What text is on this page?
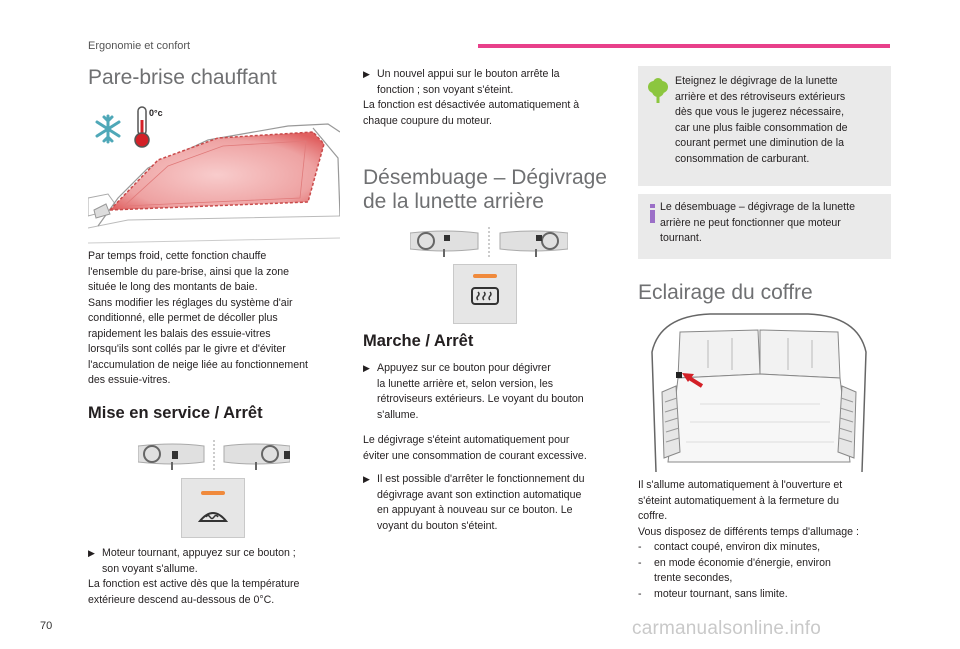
Ergonomie et confort
Pare-brise chauffant
0°c

Par temps froid, cette fonction chauffe

l'ensemble du pare-brise, ainsi que la zone

située le long des montants de baie.

Sans modifier les réglages du système d'air

conditionné, elle permet de décoller plus

rapidement les balais des essuie-vitres

lorsqu'ils sont collés par le givre et d'éviter

l'accumulation de neige liée au fonctionnement

des essuie-vitres.

Mise en service / Arrêt
▶ Moteur tournant, appuyez sur ce bouton ;

son voyant s'allume.

La fonction est active dès que la température

extérieure descend au-dessous de 0°C.

▶ Un nouvel appui sur le bouton arrête la

fonction ; son voyant s'éteint.

La fonction est désactivée automatiquement à

chaque coupure du moteur.

Désembuage – Dégivrage
de la lunette arrière
Marche / Arrêt
▶ Appuyez sur ce bouton pour dégivrer

la lunette arrière et, selon version, les

rétroviseurs extérieurs. Le voyant du bouton

s'allume.

Le dégivrage s'éteint automatiquement pour

éviter une consommation de courant excessive.

▶ Il est possible d'arrêter le fonctionnement du

dégivrage avant son extinction automatique

en appuyant à nouveau sur ce bouton. Le

voyant du bouton s'éteint.

Eteignez le dégivrage de la lunette

arrière et des rétroviseurs extérieurs

dès que vous le jugerez nécessaire,

car une plus faible consommation de

courant permet une diminution de la

consommation de carburant.

Le désembuage – dégivrage de la lunette

arrière ne peut fonctionner que moteur

tournant.

Eclairage du coffre

Il s'allume automatiquement à l'ouverture et

s'éteint automatiquement à la fermeture du

coffre.

Vous disposez de différents temps d'allumage :

-	contact coupé, environ dix minutes,

-	en mode économie d'énergie, environ

trente secondes,

-	moteur tournant, sans limite.

70	carmanualsonline.info
